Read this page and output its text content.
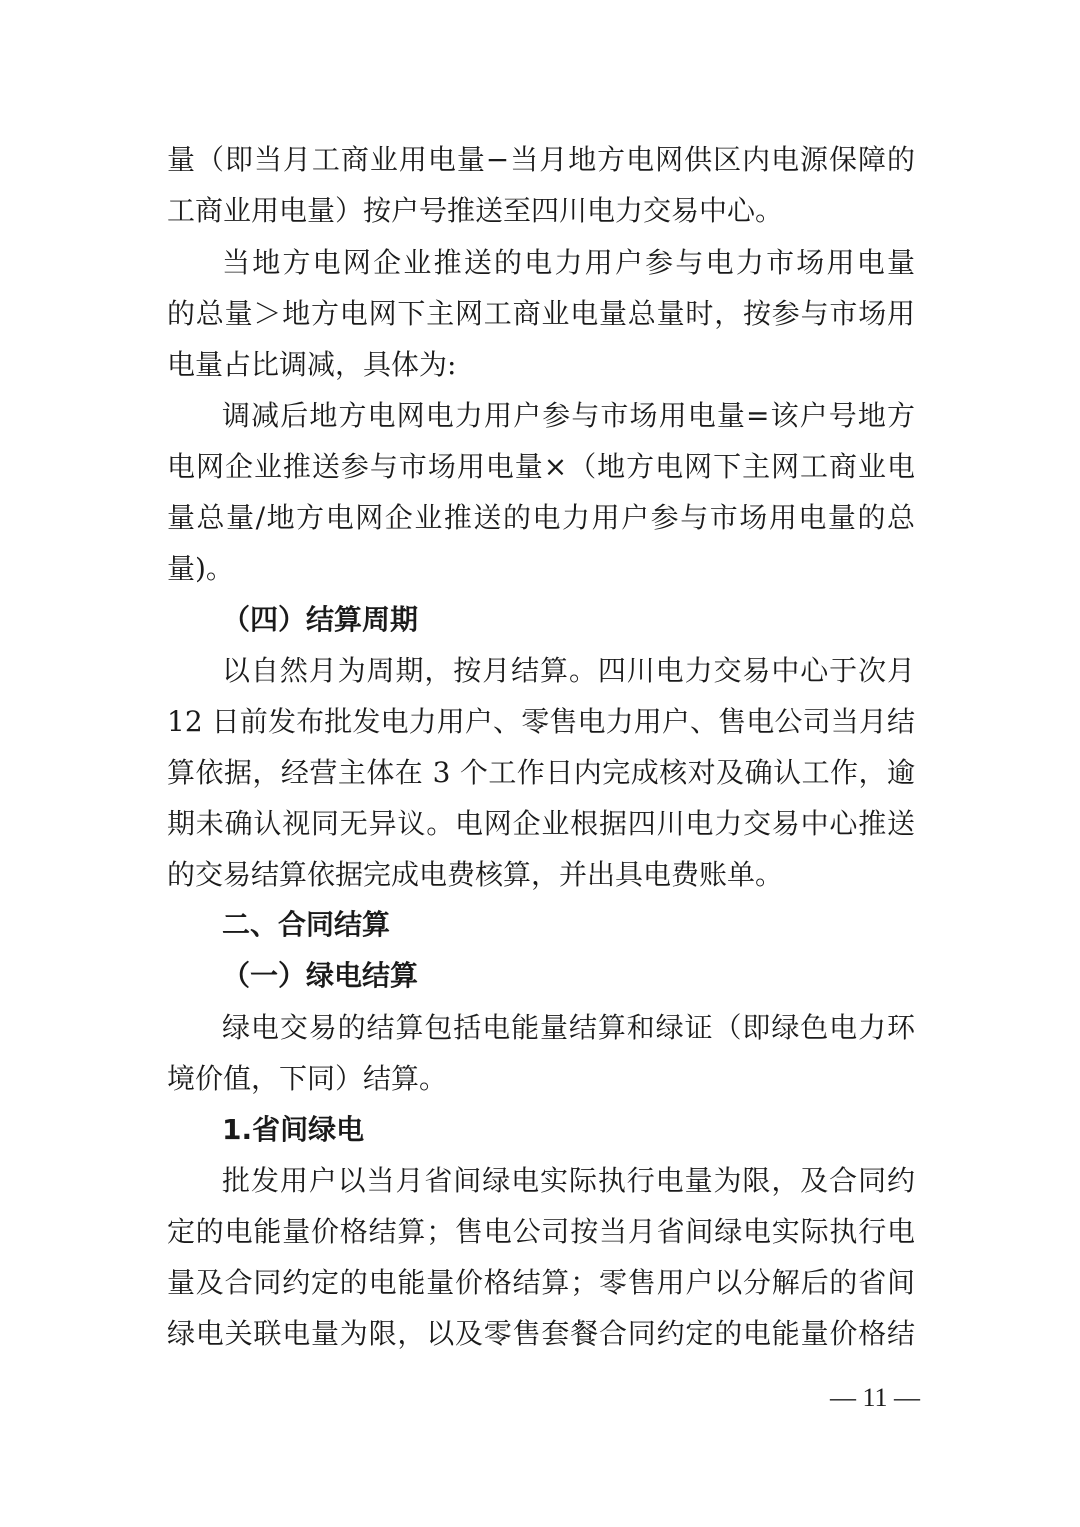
量（即当月工商业用电量−当月地方电网供区内电源保障的
工商业用电量）按户号推送至四川电力交易中心。
当地方电网企业推送的电力用户参与电力市场用电量
的总量＞地方电网下主网工商业电量总量时，按参与市场用
电量占比调减，具体为:
调减后地方电网电力用户参与市场用电量=该户号地方
电网企业推送参与市场用电量×（地方电网下主网工商业电
量总量/地方电网企业推送的电力用户参与市场用电量的总
量)。
（四）结算周期
以自然月为周期，按月结算。四川电力交易中心于次月
12 日前发布批发电力用户、零售电力用户、售电公司当月结
算依据，经营主体在 3 个工作日内完成核对及确认工作，逾
期未确认视同无异议。电网企业根据四川电力交易中心推送
的交易结算依据完成电费核算，并出具电费账单。
二、合同结算
（一）绿电结算
绿电交易的结算包括电能量结算和绿证（即绿色电力环
境价值，下同）结算。
1.省间绿电
批发用户以当月省间绿电实际执行电量为限，及合同约
定的电能量价格结算；售电公司按当月省间绿电实际执行电
量及合同约定的电能量价格结算；零售用户以分解后的省间
绿电关联电量为限，以及零售套餐合同约定的电能量价格结
— 11 —
